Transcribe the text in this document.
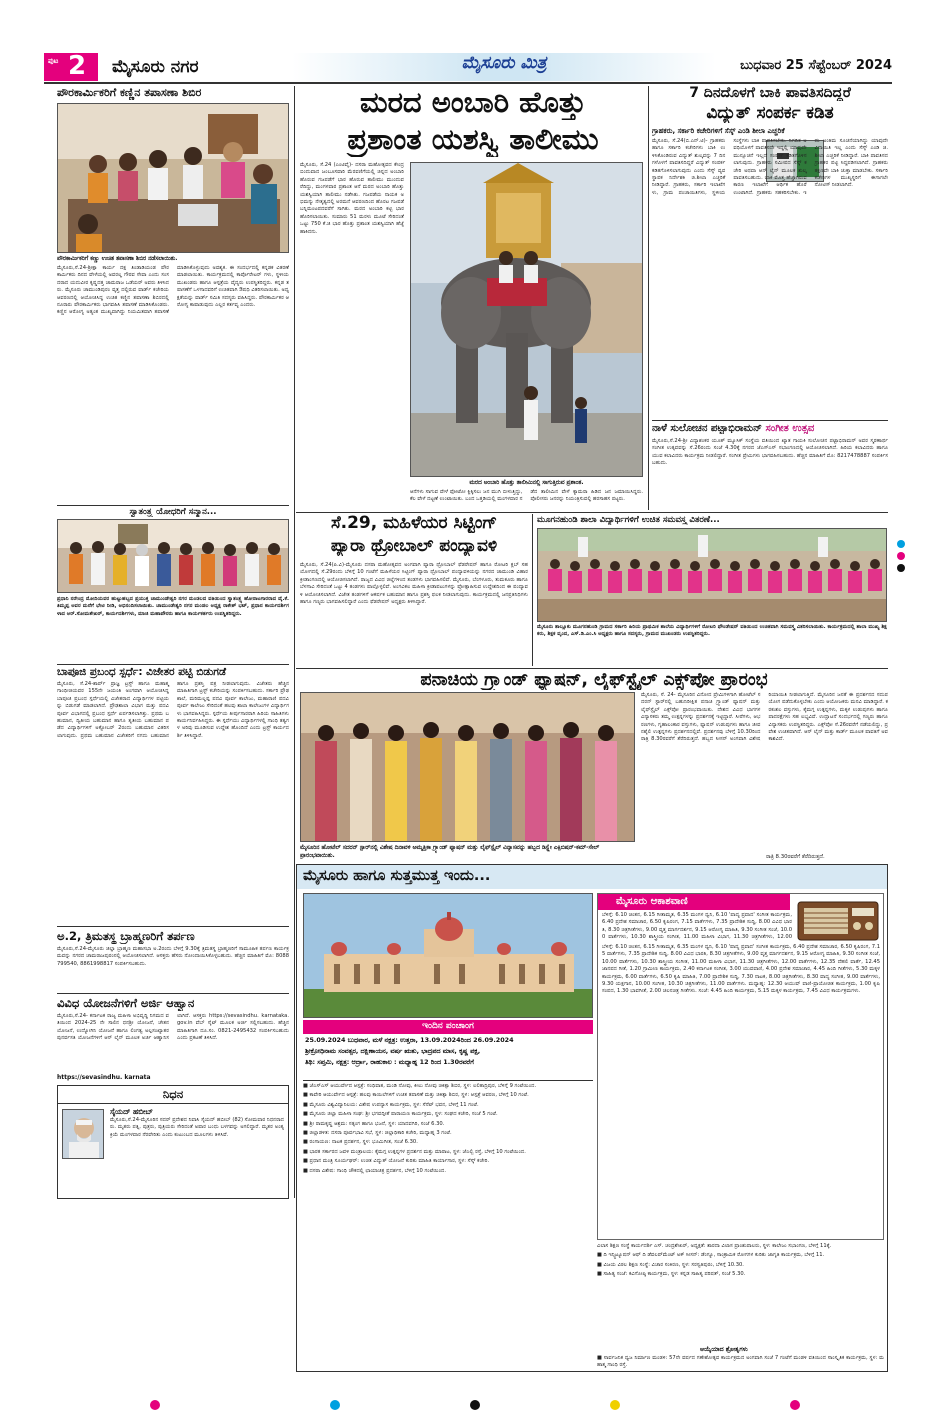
ಪುಟ 2 ಮೈಸೂರು ನಗರ	ಮೈಸೂರು ಮಿತ್ರ	ಬುಧವಾರ 25 ಸೆಪ್ಟೆಂಬರ್ 2024
ಪೌರಕಾರ್ಮಿಕರಿಗೆ ಕಣ್ಣಿನ ತಪಾಸಣಾ ಶಿಬಿರ
ಪೌರಕಾರ್ಮಿಕರಿಗೆ ಕಣ್ಣು ಉಚಿತ ತಪಾಸಣಾ ಶಿಬಿರ ನಡೆಸಲಾಯಿತು.
ಮೈಸೂರು,ಸೆ.24-ಶ್ರೀಕ್ಷಾ ಕಾರ್ಯ ದಕ್ಷ ತಿಂಡಾಡಿಯಂಡ ಪೌರಕಾರ್ಮಿಕರು ದಿನದ ವೇಳೆಯಲ್ಲಿ ಅವರಲ್ಲ ಗೌರವ ಸೇವಾ ಎಂದು ಸಂಸದರಾದ ಯದುವೀರ ಕೃಷ್ಣದತ್ತ ಚಾಮರಾಜ ಒಡೆಯರ್ ಅವರು ತಿಳಿಸಿದರು. ಮೈಸೂರು ಚಾಮುಂಡಿಪುರಂ ವೃತ್ತ ದಲ್ಲಿರುವ ವಾರ್ಡ್ ಕಚೇರಿಯ ಆವರಣದಲ್ಲಿ ಆಯೋಜಿಸಿದ್ದ ಉಚಿತ ಕಣ್ಣಿನ ತಪಾಸಣಾ ಶಿಬಿರದಲ್ಲಿ ನೂರಾರು ಪೌರಕಾರ್ಮಿಕರು ಭಾಗವಹಿಸಿ ತಪಾಸಣೆ ಮಾಡಿಸಿಕೊಂಡರು. ಕಣ್ಣಿನ ಆರೋಗ್ಯ ಅತ್ಯಂತ ಮುಖ್ಯವಾಗಿದ್ದು ನಿಯಮಿತವಾಗಿ ತಪಾಸಣೆ ಮಾಡಿಸಿಕೊಳ್ಳುವುದು ಅವಶ್ಯಕ. ಈ ಸಂದರ್ಭದಲ್ಲಿ ಕನ್ನಡಕ ವಿತರಣೆ ಮಾಡಲಾಯಿತು. ಕಾರ್ಯಕ್ರಮದಲ್ಲಿ ಕಾರ್ಪೊರೇಟರ್ ಗಳು, ಸ್ಥಳೀಯ ಮುಖಂಡರು ಹಾಗೂ ಆಸ್ಪತ್ರೆಯ ವೈದ್ಯರು ಉಪಸ್ಥಿತರಿದ್ದರು. ಕನ್ನಡ ತಪಾಸಣೆಗೆ ಒಳಗಾದವರಿಗೆ ಉಚಿತವಾಗಿ ಔಷಧಿ ವಿತರಿಸಲಾಯಿತು. ಅಧ್ಯಕ್ಷತೆಯನ್ನು ವಾರ್ಡ್ ಸಮಿತಿ ಸದಸ್ಯರು ವಹಿಸಿದ್ದರು. ಪೌರಕಾರ್ಮಿಕರ ಆರೋಗ್ಯ ಕಾಪಾಡುವುದು ಎಲ್ಲರ ಕರ್ತವ್ಯ ಎಂದರು.
ಸ್ವಾತಂತ್ರ್ಯ ಯೋಧರಿಗೆ ಸನ್ಮಾನ...
ಪ್ರಧಾನಿ ನರೇಂದ್ರ ಮೋದಿಯವರ ಹುಟ್ಟುಹಬ್ಬದ ಪ್ರಯುಕ್ತ ಚಾಮುಂಡೇಶ್ವರಿ ನಗರ ಮಂಡಲದ ವತಿಯಿಂದ ಸ್ವಾತಂತ್ರ್ಯ ಹೋರಾಟಗಾರರಾದ ವೈ.ಕೆ.ತಿಮ್ಮಪ್ಪ ಅವರ ಮನೆಗೆ ಭೇಟಿ ನೀಡಿ, ಅಭಿನಂದಿಸಲಾಯಿತು. ಚಾಮುಂಡೇಶ್ವರಿ ನಗರ ಮಂಡಲ ಅಧ್ಯಕ್ಷ ರಾಕೇಶ್ ಭಟ್, ಪ್ರಧಾನ ಕಾರ್ಯದರ್ಶಿಗಳಾದ ಆರ್.ಸೋಮಶೇಖರ್, ಕಾರ್ಯದರ್ಶಿಗಳು, ಮಾಜಿ ಮಹಾಪೌರರು ಹಾಗೂ ಕಾರ್ಯಕರ್ತರು ಉಪಸ್ಥಿತರಿದ್ದರು.
ಬಾಪೂಜಿ ಪ್ರಬಂಧ ಸ್ಪರ್ಧೆ: ವಿಜೇತರ ಪಟ್ಟಿ ಬಿಡುಗಡೆ
ಮೈಸೂರು, ಸೆ.24-ಶಾರ್ಪ್ ಪ್ರಾಜ್ಞ ಟ್ರಸ್ಟ್ ಹಾಗೂ ಮಹಾತ್ಮ ಗಾಂಧೀಜಿಯವರ 155ನೇ ಜಯಂತಿ ಅಂಗವಾಗಿ ಆಯೋಜಿಸಿದ್ದ ಬಾಪೂಜಿ ಪ್ರಬಂಧ ಸ್ಪರ್ಧೆಯಲ್ಲಿ ವಿಜೇತರಾದ ವಿದ್ಯಾರ್ಥಿಗಳ ಪಟ್ಟಿಯನ್ನು ಬಿಡುಗಡೆ ಮಾಡಲಾಗಿದೆ. ಪ್ರೌಢಶಾಲಾ ವಿಭಾಗ ಮತ್ತು ಪದವಿ ಪೂರ್ವ ವಿಭಾಗದಲ್ಲಿ ಪ್ರಬಂಧ ಸ್ಪರ್ಧೆ ಏರ್ಪಡಿಸಲಾಗಿತ್ತು. ಪ್ರಥಮ ಬಹುಮಾನ, ದ್ವಿತೀಯ ಬಹುಮಾನ ಹಾಗೂ ತೃತೀಯ ಬಹುಮಾನ ಪಡೆದ ವಿದ್ಯಾರ್ಥಿಗಳಿಗೆ ಅಕ್ಟೋಬರ್ 2ರಂದು ಬಹುಮಾನ ವಿತರಿಸಲಾಗುವುದು. ಪ್ರಥಮ ಬಹುಮಾನ ವಿಜೇತರಿಗೆ ನಗದು ಬಹುಮಾನ ಹಾಗೂ ಪ್ರಶಸ್ತಿ ಪತ್ರ ನೀಡಲಾಗುವುದು. ವಿಜೇತರು ಹೆಚ್ಚಿನ ಮಾಹಿತಿಗಾಗಿ ಟ್ರಸ್ಟ್ ಕಚೇರಿಯನ್ನು ಸಂಪರ್ಕಿಸಬಹುದು. ಸರ್ಕಾರಿ ಪ್ರೌಢಶಾಲೆ, ಮರಿಮಲ್ಲಪ್ಪ ಪದವಿ ಪೂರ್ವ ಕಾಲೇಜು, ಮಹಾರಾಣಿ ಪದವಿ ಪೂರ್ವ ಕಾಲೇಜು ಸೇರಿದಂತೆ ಹಲವು ಶಾಲಾ ಕಾಲೇಜುಗಳ ವಿದ್ಯಾರ್ಥಿಗಳು ಭಾಗವಹಿಸಿದ್ದರು. ಸ್ಪರ್ಧೆಯ ತೀರ್ಪುಗಾರರಾಗಿ ಹಿರಿಯ ಸಾಹಿತಿಗಳು ಕಾರ್ಯನಿರ್ವಹಿಸಿದ್ದರು. ಈ ಸ್ಪರ್ಧೆಯು ವಿದ್ಯಾರ್ಥಿಗಳಲ್ಲಿ ಗಾಂಧಿ ತತ್ವಗಳ ಅರಿವು ಮೂಡಿಸುವ ಉದ್ದೇಶ ಹೊಂದಿದೆ ಎಂದು ಟ್ರಸ್ಟ್ ಕಾರ್ಯದರ್ಶಿ ತಿಳಿಸಿದ್ದಾರೆ.
ಅ.2, ತ್ರಿಮತಸ್ಥ ಬ್ರಾಹ್ಮಣರಿಗೆ ತರ್ಪಣ
ಮೈಸೂರು,ಸೆ.24-ಮೈಸೂರು ಜಿಲ್ಲಾ ಬ್ರಾಹ್ಮಣ ಮಹಾಸಭಾ ಅ.2ರಂದು ಬೆಳಿಗ್ಗೆ 9.30ಕ್ಕೆ ತ್ರಿಮತಸ್ಥ ಬ್ರಾಹ್ಮಣರಿಗೆ ಸಾಮೂಹಿಕ ತರ್ಪಣ ಕಾರ್ಯಕ್ರಮವನ್ನು ನಗರದ ಚಾಮರಾಜಪುರಂನಲ್ಲಿ ಆಯೋಜಿಸಲಾಗಿದೆ. ಆಸಕ್ತರು ಹೆಸರು ನೋಂದಾಯಿಸಿಕೊಳ್ಳಬಹುದು. ಹೆಚ್ಚಿನ ಮಾಹಿತಿಗೆ ಮೊ: 8088799540, 8861998817 ಸಂಪರ್ಕಿಸಬಹುದು.
ವಿವಿಧ ಯೋಜನೆಗಳಿಗೆ ಅರ್ಜಿ ಆಹ್ವಾನ
ಮೈಸೂರು,ಸೆ.24- ಕರ್ನಾಟಕ ರಾಜ್ಯ ಮಹಿಳಾ ಅಭಿವೃದ್ಧಿ ನಿಗಮದ ವತಿಯಿಂದ 2024-25 ನೇ ಸಾಲಿನ ಧನಶ್ರೀ ಯೋಜನೆ, ಚೇತನ ಯೋಜನೆ, ಉದ್ಯೋಗಿನಿ ಯೋಜನೆ ಹಾಗೂ ಲಿಂಗತ್ವ ಅಲ್ಪಸಂಖ್ಯಾತರ ಪುನರ್ವಸತಿ ಯೋಜನೆಗಳಿಗೆ ಆನ್ ಲೈನ್ ಮೂಲಕ ಅರ್ಜಿ ಆಹ್ವಾನಿಸಲಾಗಿದೆ. ಆಸಕ್ತರು https://sevasindhu. karnataka.gov.in ವೆಬ್ ಸೈಟ್ ಮೂಲಕ ಅರ್ಜಿ ಸಲ್ಲಿಸಬಹುದು. ಹೆಚ್ಚಿನ ಮಾಹಿತಿಗಾಗಿ ದೂ.ಸಂ. 0821-2495432 ಸಂಪರ್ಕಿಸಬಹುದು ಎಂದು ಪ್ರಕಟಣೆ ತಿಳಿಸಿದೆ.
https://sevasindhu. karnata
ನಿಧನ
ಸೈಯದ್ ಹಬೀಬ್
ಮೈಸೂರು,ಸೆ.24-ಮೈಸೂರಿನ ಸದರ್ ಪ್ರದೇಶದ ನಿವಾಸಿ ಸೈಯದ್ ಹಬೀಬ್ (82) ಸೋಮವಾರ ನಿಧನರಾದರು. ಮೃತರು ಪತ್ನಿ, ಪುತ್ರರು, ಪುತ್ರಿಯರು ಸೇರಿದಂತೆ ಅಪಾರ ಬಂಧು ಬಳಗವನ್ನು ಅಗಲಿದ್ದಾರೆ. ಮೃತರ ಅಂತ್ಯಕ್ರಿಯೆ ಮಂಗಳವಾರ ನೆರವೇರಿತು ಎಂದು ಕುಟುಂಬದ ಮೂಲಗಳು ತಿಳಿಸಿವೆ.
ಮರದ ಅಂಬಾರಿ ಹೊತ್ತು
ಪ್ರಶಾಂತ ಯಶಸ್ವಿ ತಾಲೀಮು
ಮೈಸೂರು, ಸೆ.24 (ಎಂಟಿವೈ)- ದಸರಾ ಮಹೋತ್ಸವದ ಕೇಂದ್ರಬಿಂದುವಾದ ಜಂಬೂಸವಾರಿ ಮೆರವಣಿಗೆಯಲ್ಲಿ ಚಿನ್ನದ ಅಂಬಾರಿ ಹೊರುವ ಗಜಪಡೆಗೆ ಭಾರ ಹೊರುವ ತಾಲೀಮು ಮುಂದುವರೆದಿದ್ದು, ಮಂಗಳವಾರ ಪ್ರಶಾಂತ ಆನೆ ಮರದ ಅಂಬಾರಿ ಹೊತ್ತು ಯಶಸ್ವಿಯಾಗಿ ತಾಲೀಮು ನಡೆಸಿತು. ಗಜಪಡೆಯ ನಾಯಕ ಅಭಿಮನ್ಯು ನೇತೃತ್ವದಲ್ಲಿ ಅರಮನೆ ಆವರಣದಿಂದ ಹೊರಟ ಗಜಪಡೆ ಬನ್ನಿಮಂಟಪದವರೆಗೆ ಸಾಗಿತು. ಮರದ ಅಂಬಾರಿ ಕಟ್ಟಿ ಭಾರ ಹೊರಿಸಲಾಯಿತು. ಸುಮಾರು 51 ಮರಳು ಮೂಟೆ ಸೇರಿದಂತೆ ಒಟ್ಟು 750 ಕೆ.ಜಿ ಭಾರ ಹೊತ್ತು ಪ್ರಶಾಂತ ಯಶಸ್ವಿಯಾಗಿ ಹೆಜ್ಜೆ ಹಾಕಿದನು.
ಮರದ ಅಂಬಾರಿ ಹೊತ್ತು ತಾಲೀಮಿನಲ್ಲಿ ಸಾಗುತ್ತಿರುವ ಪ್ರಶಾಂತ.
ಆನೆಗಳು ಸಾಗುವ ವೇಳೆ ಫೋಟೋ ಕ್ಲಿಕ್ಕಿಸಲು ಜನ ಮುಗಿ ಬೀಳುತ್ತಿದ್ದು, ಕೆಲ ವೇಳೆ ದಟ್ಟಣೆ ಉಂಟಾಯಿತು. ಬಂದ ಒತ್ತಡಿಯಲ್ಲಿ ಮಂಗಳವಾರ ನಡೆದ ತಾಲೀಮಿನ ವೇಳೆ ಕ್ಯಾಮರಾ ಹಿಡಿದ ಜನ ಜಮಾಯಿಸಿದ್ದರು. ಪೊಲೀಸರು ಜನರನ್ನು ನಿಯಂತ್ರಿಸುವಲ್ಲಿ ಹರಸಾಹಸ ಪಟ್ಟರು.
7 ದಿನದೊಳಗೆ ಬಾಕಿ ಪಾವತಿಸದಿದ್ದರೆ
ವಿದ್ಯುತ್ ಸಂಪರ್ಕ ಕಡಿತ
ಗ್ರಾಹಕರು, ಸರ್ಕಾರಿ ಕಚೇರಿಗಳಿಗೆ ಸೆಸ್ಕ್ ಎಂಡಿ ಶೀಲಾ ಎಚ್ಚರಿಕೆ
ಮೈಸೂರು, ಸೆ.24(ಬಿ.ಎನ್.ಟಿ)- ಗ್ರಾಹಕರು ಹಾಗೂ ಸರ್ಕಾರಿ ಕಚೇರಿಗಳು ಬಾಕಿ ಉಳಿಸಿಕೊಂಡಿರುವ ವಿದ್ಯುತ್ ಶುಲ್ಕವನ್ನು 7 ದಿನಗಳೊಳಗೆ ಪಾವತಿಸದಿದ್ದರೆ ವಿದ್ಯುತ್ ಸಂಪರ್ಕ ಕಡಿತಗೊಳಿಸಲಾಗುವುದು ಎಂದು ಸೆಸ್ಕ್ ವ್ಯವಸ್ಥಾಪಕ ನಿರ್ದೇಶಕಿ ಜಿ.ಶೀಲಾ ಎಚ್ಚರಿಕೆ ನೀಡಿದ್ದಾರೆ. ಗ್ರಾಹಕರು, ಸರ್ಕಾರಿ ಇಲಾಖೆಗಳು, ಗ್ರಾಮ ಪಂಚಾಯಿತಿಗಳು, ಸ್ಥಳೀಯ ಸಂಸ್ಥೆಗಳು ಬಾಕಿ ಪಾವತಿಸಬೇಕು. ನಿಗದಿತ ಅವಧಿಯೊಳಗೆ ಪಾವತಿಸದೇ ಇದ್ದಲ್ಲಿ ಯಾವುದೇ ಮುನ್ಸೂಚನೆ ಇಲ್ಲದೆ ಸಂಪರ್ಕ ಕಡಿತಗೊಳಿಸಲಾಗುವುದು. ಗ್ರಾಹಕರು ಸಮೀಪದ ಸೆಸ್ಕ್ ಕಚೇರಿ ಅಥವಾ ಆನ್ ಲೈನ್ ಮೂಲಕ ಶುಲ್ಕ ಪಾವತಿಸಬಹುದು. ಬಾಕಿ ಮೊತ್ತ ಹೆಚ್ಚಾಗಿರುವ ಕಾರಣ ಇಲಾಖೆಗೆ ಆರ್ಥಿಕ ಹೊರೆ ಉಂಟಾಗಿದೆ. ಗ್ರಾಹಕರು ಸಹಕರಿಸಬೇಕು. ಇದು ಅಂತಿಮ ಸೂಚನೆಯಾಗಿದ್ದು ಯಾವುದೇ ವಿನಾಯಿತಿ ಇಲ್ಲ ಎಂದು ಸೆಸ್ಕ್ ಎಂಡಿ ಜಿ.ಶೀಲಾ ಎಚ್ಚರಿಕೆ ನೀಡಿದ್ದಾರೆ. ಬಾಕಿ ಪಾವತಿಸದ ಗ್ರಾಹಕರ ಪಟ್ಟಿ ಸಿದ್ಧಪಡಿಸಲಾಗಿದೆ. ಗ್ರಾಹಕರು ತಕ್ಷಣವೇ ಬಾಕಿ ಚುಕ್ತಾ ಮಾಡಬೇಕು. ಸರ್ಕಾರಿ ಕಚೇರಿಗಳ ಮುಖ್ಯಸ್ಥರಿಗೆ ಈಗಾಗಲೇ ನೋಟಿಸ್ ನೀಡಲಾಗಿದೆ.
ನಾಳೆ ಸುಲೋಚನ ಪಟ್ಟಾಭಿರಾಮನ್ ಸಂಗೀತ ಉತ್ಸವ
ಮೈಸೂರು,ಸೆ.24-ಶ್ರೀ ವಿದ್ಯಾಶಂಕರ ಯೂತ್ ಮ್ಯೂಸಿಕ್ ಸಂಸ್ಥೆಯ ವತಿಯಿಂದ ಖ್ಯಾತ ಗಾಯಕಿ ಸುಲೋಚನ ಪಟ್ಟಾಭಿರಾಮನ್ ಅವರ ಸ್ಮರಣಾರ್ಥ ಸಂಗೀತ ಉತ್ಸವವನ್ನು ಸೆ.26ರಂದು ಸಂಜೆ 4.30ಕ್ಕೆ ನಗರದ ಜೆಎಸ್ಎಸ್ ಸಭಾಂಗಣದಲ್ಲಿ ಆಯೋಜಿಸಲಾಗಿದೆ. ಹಿರಿಯ ಕಲಾವಿದರು ಹಾಗೂ ಯುವ ಕಲಾವಿದರು ಕಾರ್ಯಕ್ರಮ ನೀಡಲಿದ್ದಾರೆ. ಸಂಗೀತ ಪ್ರೇಮಿಗಳು ಭಾಗವಹಿಸಬಹುದು. ಹೆಚ್ಚಿನ ಮಾಹಿತಿಗೆ ಮೊ: 8217478887 ಸಂಪರ್ಕಿಸಬಹುದು.
ಸೆ.29, ಮಹಿಳೆಯರ ಸಿಟ್ಟಿಂಗ್
ಪ್ಯಾರಾ ಥ್ರೋಬಾಲ್ ಪಂದ್ಯಾವಳಿ
ಮೈಸೂರು, ಸೆ.24(ಪಿ.ವಿ)-ಮೈಸೂರು ದಸರಾ ಮಹೋತ್ಸವದ ಅಂಗವಾಗಿ ಪ್ಯಾರಾ ಥ್ರೋಬಾಲ್ ಫೆಡರೇಷನ್ ಹಾಗೂ ರೋಟರಿ ಕ್ಲಬ್ ಸಹಯೋಗದಲ್ಲಿ ಸೆ.29ರಂದು ಬೆಳಿಗ್ಗೆ 10 ಗಂಟೆಗೆ ಮಹಿಳೆಯರ ಸಿಟ್ಟಿಂಗ್ ಪ್ಯಾರಾ ಥ್ರೋಬಾಲ್ ಪಂದ್ಯಾವಳಿಯನ್ನು ನಗರದ ಚಾಮುಂಡಿ ವಿಹಾರ ಕ್ರೀಡಾಂಗಣದಲ್ಲಿ ಆಯೋಜಿಸಲಾಗಿದೆ. ರಾಜ್ಯದ ವಿವಿಧ ಜಿಲ್ಲೆಗಳಿಂದ ತಂಡಗಳು ಭಾಗವಹಿಸಲಿವೆ. ಮೈಸೂರು, ಬೆಂಗಳೂರು, ತುಮಕೂರು ಹಾಗೂ ಬೆಳಗಾವಿ ಸೇರಿದಂತೆ ಒಟ್ಟು 4 ತಂಡಗಳು ಪಾಲ್ಗೊಳ್ಳಲಿವೆ. ಅಂಗವಿಕಲ ಮಹಿಳಾ ಕ್ರೀಡಾಪಟುಗಳನ್ನು ಪ್ರೋತ್ಸಾಹಿಸುವ ಉದ್ದೇಶದಿಂದ ಈ ಪಂದ್ಯಾವಳಿ ಆಯೋಜಿಸಲಾಗಿದೆ. ವಿಜೇತ ತಂಡಗಳಿಗೆ ಆಕರ್ಷಕ ಬಹುಮಾನ ಹಾಗೂ ಪ್ರಶಸ್ತಿ ಫಲಕ ನೀಡಲಾಗುವುದು. ಕಾರ್ಯಕ್ರಮದಲ್ಲಿ ಜನಪ್ರತಿನಿಧಿಗಳು ಹಾಗೂ ಗಣ್ಯರು ಭಾಗವಹಿಸಲಿದ್ದಾರೆ ಎಂದು ಫೆಡರೇಷನ್ ಅಧ್ಯಕ್ಷರು ತಿಳಿಸಿದ್ದಾರೆ.
ಮೂಗನಹುಂಡಿ ಶಾಲಾ ವಿದ್ಯಾರ್ಥಿಗಳಿಗೆ ಉಚಿತ ಸಮವಸ್ತ್ರ ವಿತರಣೆ...
ಮೈಸೂರು ತಾಲ್ಲೂಕು ಮೂಗನಹುಂಡಿ ಗ್ರಾಮದ ಸರ್ಕಾರಿ ಹಿರಿಯ ಪ್ರಾಥಮಿಕ ಶಾಲೆಯ ವಿದ್ಯಾರ್ಥಿಗಳಿಗೆ ರೋಟರಿ ಫೌಂಡೇಷನ್ ವತಿಯಿಂದ ಉಚಿತವಾಗಿ ಸಮವಸ್ತ್ರ ವಿತರಿಸಲಾಯಿತು. ಕಾರ್ಯಕ್ರಮದಲ್ಲಿ ಶಾಲಾ ಮುಖ್ಯ ಶಿಕ್ಷಕರು, ಶಿಕ್ಷಕ ವೃಂದ, ಎಸ್.ಡಿ.ಎಂ.ಸಿ ಅಧ್ಯಕ್ಷರು ಹಾಗೂ ಸದಸ್ಯರು, ಗ್ರಾಮದ ಮುಖಂಡರು ಉಪಸ್ಥಿತರಿದ್ದರು.
ಪನಾಚಿಯ ಗ್ರ್ಯಾಂಡ್ ಫ್ಯಾಷನ್, ಲೈಫ್‌ಸ್ಟೈಲ್ ಎಕ್ಸ್‌ಪೋ ಪ್ರಾರಂಭ
ಮೈಸೂರಿನ ಹೋಟೆಲ್ ಸದರನ್ ಸ್ಟಾರ್‌ನಲ್ಲಿ ವಿಶೇಷ ದಿನಾವಳಿ ಅಮ್ಮತ್ತಿಕಾ ಗ್ರ್ಯಾಂಡ್ ಫ್ಯಾಷನ್ ಮತ್ತು ಲೈಫ್‌ಸ್ಟೈಲ್ ವಿನ್ಯಾಸವನ್ನು ಹಬ್ಬದ ಡಿಸ್ಪ್ಲೇ ಎಕ್ಸಿಬಿಷನ್-ಕಮ್-ಸೇಲ್ ಪ್ರಾರಂಭವಾಯಿತು.
ಮೈಸೂರು, ಸೆ. 24- ಮೈಸೂರಿನ ವಿನೋದ ಪ್ರೇಮಿಗಳಿಗಾಗಿ ಹೋಟೆಲ್ ಸದರನ್ ಸ್ಟಾರ್‌ನಲ್ಲಿ ಬಹುನಿರೀಕ್ಷಿತ ಪನಾಚಿ ಗ್ರ್ಯಾಂಡ್ ಫ್ಯಾಷನ್ ಮತ್ತು ಲೈಫ್‌ಸ್ಟೈಲ್ ಎಕ್ಸ್‌ಪೋ ಪ್ರಾರಂಭವಾಯಿತು. ದೇಶದ ವಿವಿಧ ಭಾಗಗಳ ವಿನ್ಯಾಸಕರು ತಮ್ಮ ಉತ್ಪನ್ನಗಳನ್ನು ಪ್ರದರ್ಶನಕ್ಕೆ ಇಟ್ಟಿದ್ದಾರೆ. ಸೀರೆಗಳು, ಆಭರಣಗಳು, ಗೃಹಾಲಂಕಾರ ವಸ್ತುಗಳು, ಫ್ಯಾಷನ್ ಉಡುಪುಗಳು ಹಾಗೂ ಜೀವನಶೈಲಿ ಉತ್ಪನ್ನಗಳು ಪ್ರದರ್ಶನದಲ್ಲಿವೆ. ಪ್ರದರ್ಶನವು ಬೆಳಿಗ್ಗೆ 10.30ರಿಂದ ರಾತ್ರಿ 8.30ರವರೆಗೆ ತೆರೆದಿರುತ್ತದೆ. ಹಬ್ಬದ ಸೀಸನ್ ಅಂಗವಾಗಿ ವಿಶೇಷ ರಿಯಾಯಿತಿ ನೀಡಲಾಗುತ್ತಿದೆ. ಮೈಸೂರಿನ ಜನತೆ ಈ ಪ್ರದರ್ಶನದ ಸದುಪಯೋಗ ಪಡೆದುಕೊಳ್ಳಬೇಕು ಎಂದು ಆಯೋಜಕರು ಮನವಿ ಮಾಡಿದ್ದಾರೆ. ಕರಕುಶಲ ವಸ್ತುಗಳು, ಕೈಮಗ್ಗ ಉತ್ಪನ್ನಗಳು, ಮಕ್ಕಳ ಉಡುಪುಗಳು ಹಾಗೂ ಪಾದರಕ್ಷೆಗಳು ಸಹ ಲಭ್ಯವಿವೆ. ಉದ್ಘಾಟನೆ ಸಂದರ್ಭದಲ್ಲಿ ಗಣ್ಯರು ಹಾಗೂ ವಿನ್ಯಾಸಕರು ಉಪಸ್ಥಿತರಿದ್ದರು. ಎಕ್ಸ್‌ಪೋ ಸೆ.26ರವರೆಗೆ ನಡೆಯಲಿದ್ದು, ಪ್ರವೇಶ ಉಚಿತವಾಗಿದೆ. ಆನ್ ಲೈನ್ ಮತ್ತು ಕಾರ್ಡ್ ಮೂಲಕ ಪಾವತಿಗೆ ಅವಕಾಶವಿದೆ.
ರಾತ್ರಿ 8.30ರವರೆಗೆ ತೆರೆದಿರುತ್ತದೆ.
ಮೈಸೂರು ಹಾಗೂ ಸುತ್ತಮುತ್ತ ಇಂದು...
ಇಂದಿನ ಪಂಚಾಂಗ
25.09.2024 ಬುಧವಾರ, ಮಳೆ ನಕ್ಷತ್ರ: ಉತ್ತರಾ, 13.09.2024ರಿಂದ 26.09.2024
ಶ್ರೀಕ್ರೋಧಿನಾಮ ಸಂವತ್ಸರ, ದಕ್ಷಿಣಾಯನ, ವರ್ಷ ಋತು, ಭಾದ್ರಪದ ಮಾಸ, ಕೃಷ್ಣ ಪಕ್ಷ,
ತಿಥಿ: ಸಪ್ತಮಿ, ನಕ್ಷತ್ರ: ಆರ್ದ್ರಾ, ರಾಹುಕಾಲ : ಮಧ್ಯಾಹ್ನ 12 ರಿಂದ 1.30ರವರೆಗೆ
■ ಜೆಎಸ್ಎಸ್ ಆಯುರ್ವೇದ ಆಸ್ಪತ್ರೆ: ಸಂಧಿವಾತ, ಮಂಡಿ ನೋವು, ಕೀಲು ನೋವು ಚಿಕಿತ್ಸಾ ಶಿಬಿರ, ಸ್ಥಳ: ಲಲಿತಾದ್ರಿಪುರ, ಬೆಳಿಗ್ಗೆ 9 ಗಂಟೆಯಿಂದ.
■ ಕಾವೇರಿ ಆಯುರ್ವೇದ ಆಸ್ಪತ್ರೆ: ಹಲವು ಕಾಯಿಲೆಗಳಿಗೆ ಉಚಿತ ತಪಾಸಣೆ ಮತ್ತು ಚಿಕಿತ್ಸಾ ಶಿಬಿರ, ಸ್ಥಳ: ಆಸ್ಪತ್ರೆ ಆವರಣ, ಬೆಳಿಗ್ಗೆ 10 ಗಂಟೆ.
■ ಮೈಸೂರು ವಿಶ್ವವಿದ್ಯಾನಿಲಯ: ವಿಶೇಷ ಉಪನ್ಯಾಸ ಕಾರ್ಯಕ್ರಮ, ಸ್ಥಳ: ಸೆನೆಟ್ ಭವನ, ಬೆಳಿಗ್ಗೆ 11 ಗಂಟೆ.
■ ಮೈಸೂರು ಜಿಲ್ಲಾ ಮಹಿಳಾ ಸಂಘ: ಶ್ರೀ ಭಗವದ್ಗೀತೆ ಪಾರಾಯಣ ಕಾರ್ಯಕ್ರಮ, ಸ್ಥಳ: ಸಂಘದ ಕಚೇರಿ, ಸಂಜೆ 5 ಗಂಟೆ.
■ ಶ್ರೀ ರಾಮಕೃಷ್ಣ ಆಶ್ರಮ: ಸತ್ಸಂಗ ಹಾಗೂ ಭಜನೆ, ಸ್ಥಳ: ಯಾದವಗಿರಿ, ಸಂಜೆ 6.30.
■ ಜಿಲ್ಲಾಡಳಿತ: ದಸರಾ ಪೂರ್ವಭಾವಿ ಸಭೆ, ಸ್ಥಳ: ಜಿಲ್ಲಾಧಿಕಾರಿ ಕಚೇರಿ, ಮಧ್ಯಾಹ್ನ 3 ಗಂಟೆ.
■ ರಂಗಾಯಣ: ನಾಟಕ ಪ್ರದರ್ಶನ, ಸ್ಥಳ: ಭೂಮಿಗೀತ, ಸಂಜೆ 6.30.
■ ಭಾರತ ಸರ್ಕಾರದ ಜವಳಿ ಮಂತ್ರಾಲಯ: ಕೈಮಗ್ಗ ಉತ್ಪನ್ನಗಳ ಪ್ರದರ್ಶನ ಮತ್ತು ಮಾರಾಟ, ಸ್ಥಳ: ಜೆಎಲ್ಬಿ ರಸ್ತೆ, ಬೆಳಿಗ್ಗೆ 10 ಗಂಟೆಯಿಂದ.
■ ಪ್ರಧಾನ ಮಂತ್ರಿ ಸೂರ್ಯಘರ್: ಉಚಿತ ವಿದ್ಯುತ್ ಯೋಜನೆ ಕುರಿತು ಮಾಹಿತಿ ಕಾರ್ಯಾಗಾರ, ಸ್ಥಳ: ಸೆಸ್ಕ್ ಕಚೇರಿ.
■ ದಸರಾ ವಿಶೇಷ: ಗಾಂಧಿ ಚೌಕದಲ್ಲಿ ಛಾಯಾಚಿತ್ರ ಪ್ರದರ್ಶನ, ಬೆಳಿಗ್ಗೆ 10 ಗಂಟೆಯಿಂದ.
ಮೈಸೂರು ಆಕಾಶವಾಣಿ
ಬೆಳಿಗ್ಗೆ: 6.10 ಚಿಂತನ, 6.15 ಗೀತಾಮೃತ, 6.35 ಮಂಗಳ ಧ್ವನಿ, 6.10 'ಪಾದ್ಯ ಪ್ರವಾದ' ಸಂಗೀತ ಕಾರ್ಯಕ್ರಮ, 6.40 ಪ್ರದೇಶ ಸಮಾಚಾರ, 6.50 ಕೃಷಿರಂಗ, 7.15 ವಾರ್ತೆಗಳು, 7.35 ಪ್ರಾದೇಶಿಕ ಸುದ್ದಿ, 8.00 ವಿವಿಧ ಭಾರತಿ, 8.30 ಚಿತ್ರಗೀತೆಗಳು, 9.00 ವೃತ್ತ ಮಾರ್ಗದರ್ಶನ, 9.15 ಆರೋಗ್ಯ ಮಾಹಿತಿ, 9.30 ಸಂಗೀತ ಸಂಜೆ, 10.00 ವಾರ್ತೆಗಳು, 10.30 ಶಾಸ್ತ್ರೀಯ ಸಂಗೀತ, 11.00 ಮಹಿಳಾ ವಿಭಾಗ, 11.30 ಚಿತ್ರಗೀತೆಗಳು, 12.00
ಬೆಳಿಗ್ಗೆ: 6.10 ಚಿಂತನ, 6.15 ಗೀತಾಮೃತ, 6.35 ಮಂಗಳ ಧ್ವನಿ, 6.10 'ಪಾದ್ಯ ಪ್ರವಾದ' ಸಂಗೀತ ಕಾರ್ಯಕ್ರಮ, 6.40 ಪ್ರದೇಶ ಸಮಾಚಾರ, 6.50 ಕೃಷಿರಂಗ, 7.15 ವಾರ್ತೆಗಳು, 7.35 ಪ್ರಾದೇಶಿಕ ಸುದ್ದಿ, 8.00 ವಿವಿಧ ಭಾರತಿ, 8.30 ಚಿತ್ರಗೀತೆಗಳು, 9.00 ವೃತ್ತ ಮಾರ್ಗದರ್ಶನ, 9.15 ಆರೋಗ್ಯ ಮಾಹಿತಿ, 9.30 ಸಂಗೀತ ಸಂಜೆ, 10.00 ವಾರ್ತೆಗಳು, 10.30 ಶಾಸ್ತ್ರೀಯ ಸಂಗೀತ, 11.00 ಮಹಿಳಾ ವಿಭಾಗ, 11.30 ಚಿತ್ರಗೀತೆಗಳು, 12.00 ವಾರ್ತೆಗಳು, 12.35 ದೆಹಲಿ ವಾರ್ತೆ, 12.45 ಜಾನಪದ ಗೀತೆ, 1.20 ಗ್ರಾಮೀಣ ಕಾರ್ಯಕ್ರಮ, 2.40 ಕರ್ನಾಟಕ ಸಂಗೀತ, 3.00 ಯುವವಾಣಿ, 4.00 ಪ್ರದೇಶ ಸಮಾಚಾರ, 4.45 ಹಿಂದಿ ಗೀತೆಗಳು, 5.30 ಮಕ್ಕಳ ಕಾರ್ಯಕ್ರಮ, 6.00 ವಾರ್ತೆಗಳು, 6.50 ಕೃಷಿ ಮಾಹಿತಿ, 7.00 ಪ್ರಾದೇಶಿಕ ಸುದ್ದಿ, 7.30 ನಾಟಕ, 8.00 ಚಿತ್ರಗೀತೆಗಳು, 8.30 ವಾದ್ಯ ಸಂಗೀತ, 9.00 ವಾರ್ತೆಗಳು, 9.30 ಯಕ್ಷಗಾನ, 10.00 ಸಂಗೀತ, 10.30 ಚಿತ್ರಗೀತೆಗಳು, 11.00 ವಾರ್ತೆಗಳು. ಮಧ್ಯಾಹ್ನ: 12.30 ಆಯುಷ್ ವಾಣಿ-ಪ್ರಾಯೋಜಿತ ಕಾರ್ಯಕ್ರಮ, 1.00 ಕೃಷಿ ಸಂಪದ, 1.30 ಭಾವಗೀತೆ, 2.00 ಚಲನಚಿತ್ರ ಗೀತೆಗಳು. ಸಂಜೆ: 4.45 ಹಿಂದಿ ಕಾರ್ಯಕ್ರಮ, 5.15 ಮಕ್ಕಳ ಕಾರ್ಯಕ್ರಮ, 7.45 ವಿವಿಧ ಕಾರ್ಯಕ್ರಮಗಳು.
ವಿಲಾಸ ಶಿಕ್ಷಣ ಸಂಸ್ಥೆ ಕಾರ್ಯದರ್ಶಿ ಎಸ್. ಚಂದ್ರಶೇಖರ್, ಅಧ್ಯಕ್ಷತೆ: ಶಾರದಾ ವಿಲಾಸ ಪ್ರಾಂಶುಪಾಲರು, ಸ್ಥಳ: ಕಾಲೇಜು ಸಭಾಂಗಣ, ಬೆಳಿಗ್ಗೆ 11ಕ್ಕೆ.
■ ದಿ ಇನ್ಸ್ಟಿಟ್ಯೂಷನ್ ಆಫ್ ದಿ ಡೆವಲಪ್‌ಮೆಂಟ್ ಅಕ್ ಸೀಸನ್: ಡೆಂಗ್ಯೂ, ಸಾಂಕ್ರಾಮಿಕ ರೋಗಗಳ ಕುರಿತು ಜಾಗೃತಿ ಕಾರ್ಯಕ್ರಮ, ಬೆಳಿಗ್ಗೆ 11.
■ ವಿಜಯ ವಿಠಲ ಶಿಕ್ಷಣ ಸಂಸ್ಥೆ: ವಿಚಾರ ಸಂಕಿರಣ, ಸ್ಥಳ: ಸರಸ್ವತಿಪುರಂ, ಬೆಳಿಗ್ಗೆ 10.30.
■ ಸಾಹಿತ್ಯ ಸಂಜೆ: ಕವಿಗೋಷ್ಠಿ ಕಾರ್ಯಕ್ರಮ, ಸ್ಥಳ: ಕನ್ನಡ ಸಾಹಿತ್ಯ ಪರಿಷತ್, ಸಂಜೆ 5.30.
ಆಯ್ಕೆಯಾದ ಶ್ರೋತೃಗಳು
■ ಸಾರ್ವಜನಿಕ ಧ್ವಜ ನಿರ್ಮಾಣ ಮಂಡಳಿ: 57ನೇ ವರ್ಷದ ಗಣೇಶೋತ್ಸವ ಕಾರ್ಯಕ್ರಮದ ಅಂಗವಾಗಿ ಸಂಜೆ 7 ಗಂಟೆಗೆ ಮಂಡಳಿ ವತಿಯಿಂದ ಸಾಂಸ್ಕೃತಿಕ ಕಾರ್ಯಕ್ರಮ, ಸ್ಥಳ: ಮಹಾತ್ಮ ಗಾಂಧಿ ರಸ್ತೆ.
